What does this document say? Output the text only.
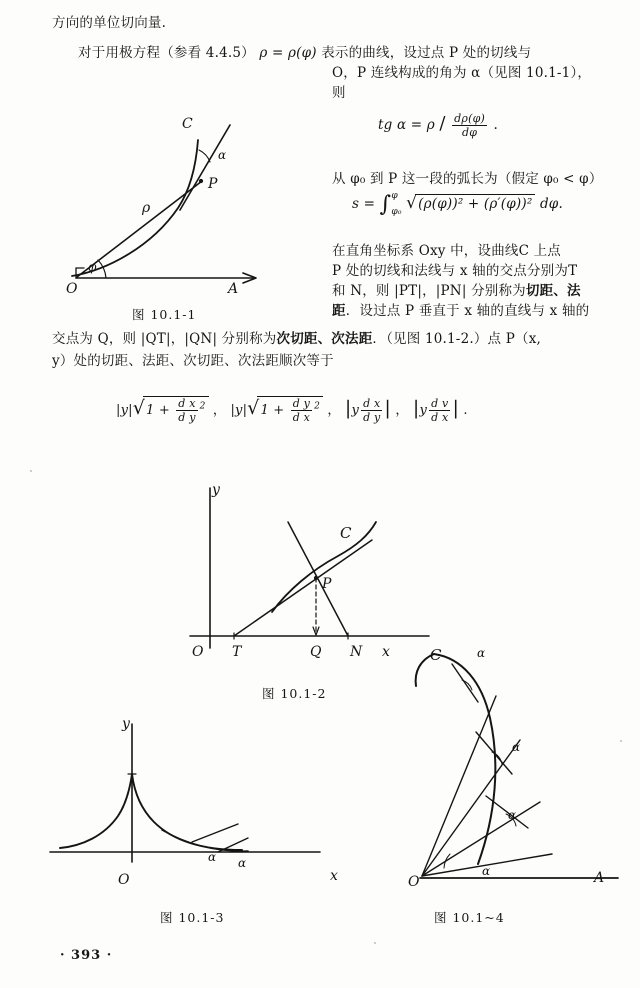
方向的单位切向量.
对于用极方程（参看 4.4.5） ρ = ρ(φ) 表示的曲线，设过点 P 处的切线与
O，P 连线构成的角为 α（见图 10.1-1），
则
tg $\alpha = \rho / \frac{d\rho(\varphi)}{d\varphi}$ .
从 φ₀ 到 P 这一段的弧长为（假定 φ₀ < φ）
s = ∫ φ
φ₀ √(ρ(φ))² + (ρ′(φ))² dφ.
在直角坐标系 Oxy 中，设曲线C 上点
P 处的切线和法线与 x 轴的交点分别为T
和 N，则 |PT|，|PN| 分别称为切距、法
距．设过点 P 垂直于 x 轴的直线与 x 轴的
交点为 Q，则 |QT|，|QN| 分别称为次切距、次法距．（见图 10.1-2.）点 P（x,
y）处的切距、法距、次切距、次法距顺次等于
$|y|√1 + \frac{\text{d x}}{\text{d y}} ^2$ ， $|y|√1 + \frac{\text{d y}}{\text{d x}} ^2$ ， $|y \frac{\text{d x}}{\text{d y}}$ | ， $|y \frac{\text{d v}}{\text{d x}}$ | .
C
α
P
ρ
φ
O	A
图 10.1-1
y
C
P
O T	Q N x
图 10.1-2
y
α α
O	x
图 10.1-3
C	α
α
α
α
O	A
图 10.1~4
· 393 ·
